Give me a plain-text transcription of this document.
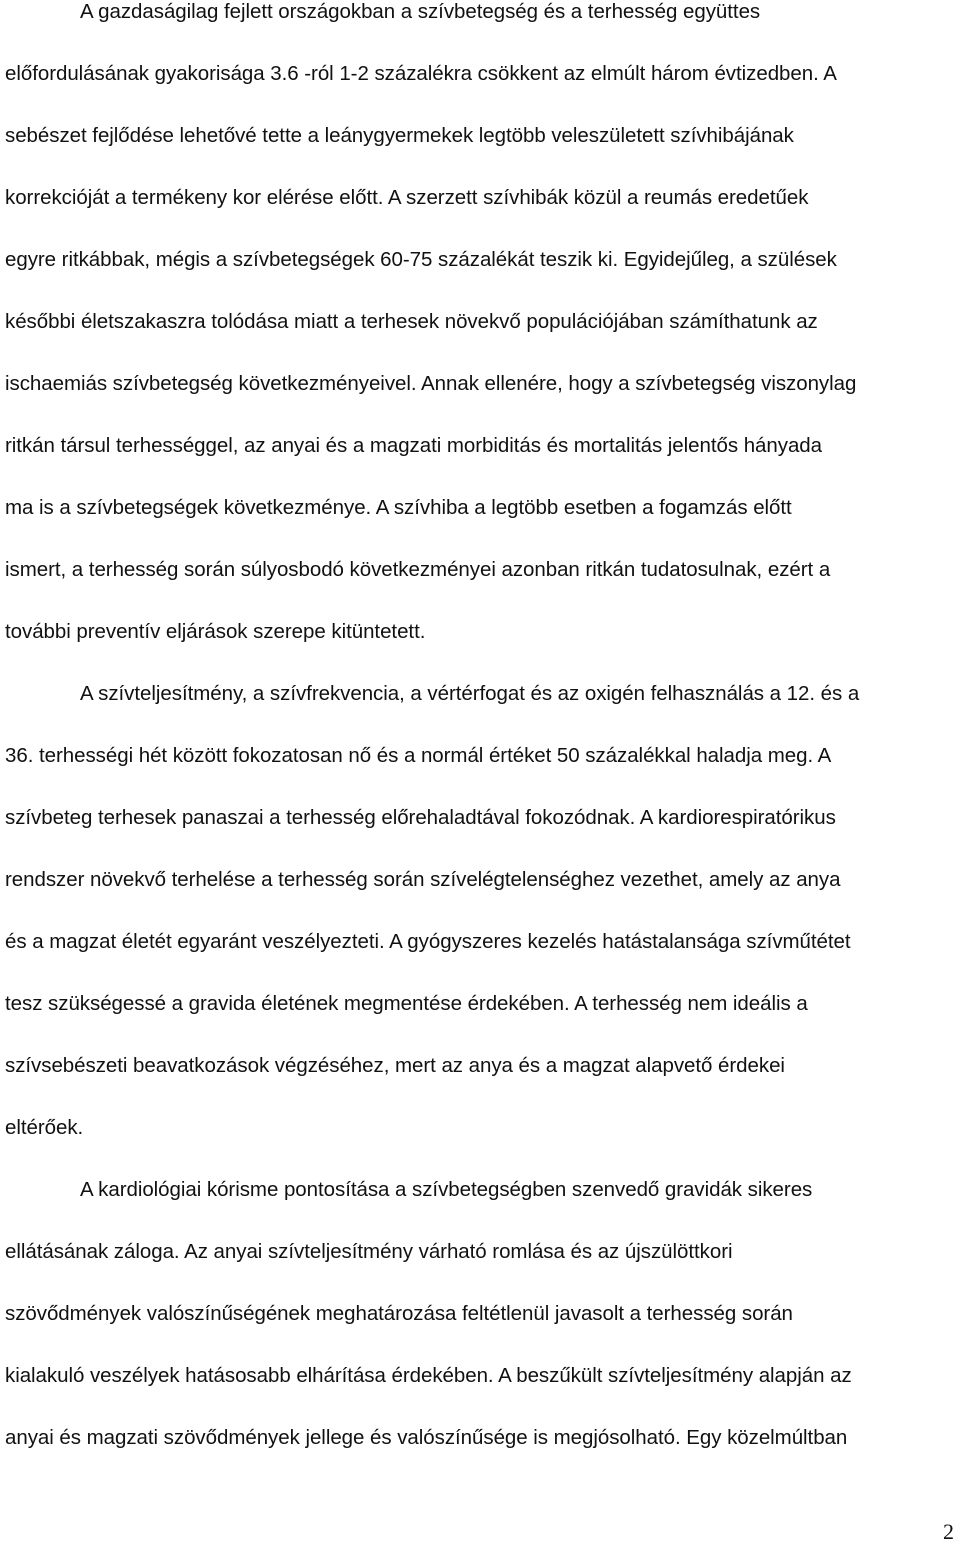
A gazdaságilag fejlett országokban a szívbetegség és a terhesség együttes
előfordulásának gyakorisága 3.6 -ról 1-2 százalékra csökkent az elmúlt három évtizedben. A
sebészet fejlődése lehetővé tette a leánygyermekek legtöbb veleszületett szívhibájának
korrekcióját a termékeny kor elérése előtt. A szerzett szívhibák közül a reumás eredetűek
egyre ritkábbak, mégis a szívbetegségek 60-75 százalékát teszik ki. Egyidejűleg, a szülések
későbbi életszakaszra tolódása miatt a terhesek növekvő populációjában számíthatunk az
ischaemiás szívbetegség következményeivel. Annak ellenére, hogy a szívbetegség viszonylag
ritkán társul terhességgel, az anyai és a magzati morbiditás és mortalitás jelentős hányada
ma is a szívbetegségek következménye. A szívhiba a legtöbb esetben a fogamzás előtt
ismert, a terhesség során súlyosbodó következményei azonban ritkán tudatosulnak, ezért a
további preventív eljárások szerepe kitüntetett.
A szívteljesítmény, a szívfrekvencia, a vértérfogat és az oxigén felhasználás a 12. és a
36. terhességi hét között fokozatosan nő és a normál értéket 50 százalékkal haladja meg. A
szívbeteg terhesek panaszai a terhesség előrehaladtával fokozódnak. A kardiorespiratórikus
rendszer növekvő terhelése a terhesség során szívelégtelenséghez vezethet, amely az anya
és a magzat életét egyaránt veszélyezteti. A gyógyszeres kezelés hatástalansága szívműtétet
tesz szükségessé a gravida életének megmentése érdekében. A terhesség nem ideális a
szívsebészeti beavatkozások végzéséhez, mert az anya és a magzat alapvető érdekei
eltérőek.
A kardiológiai kórisme pontosítása a szívbetegségben szenvedő gravidák sikeres
ellátásának záloga. Az anyai szívteljesítmény várható romlása és az újszülöttkori
szövődmények valószínűségének meghatározása feltétlenül javasolt a terhesség során
kialakuló veszélyek hatásosabb elhárítása érdekében. A beszűkült szívteljesítmény alapján az
anyai és magzati szövődmények jellege és valószínűsége is megjósolható. Egy közelmúltban
2
